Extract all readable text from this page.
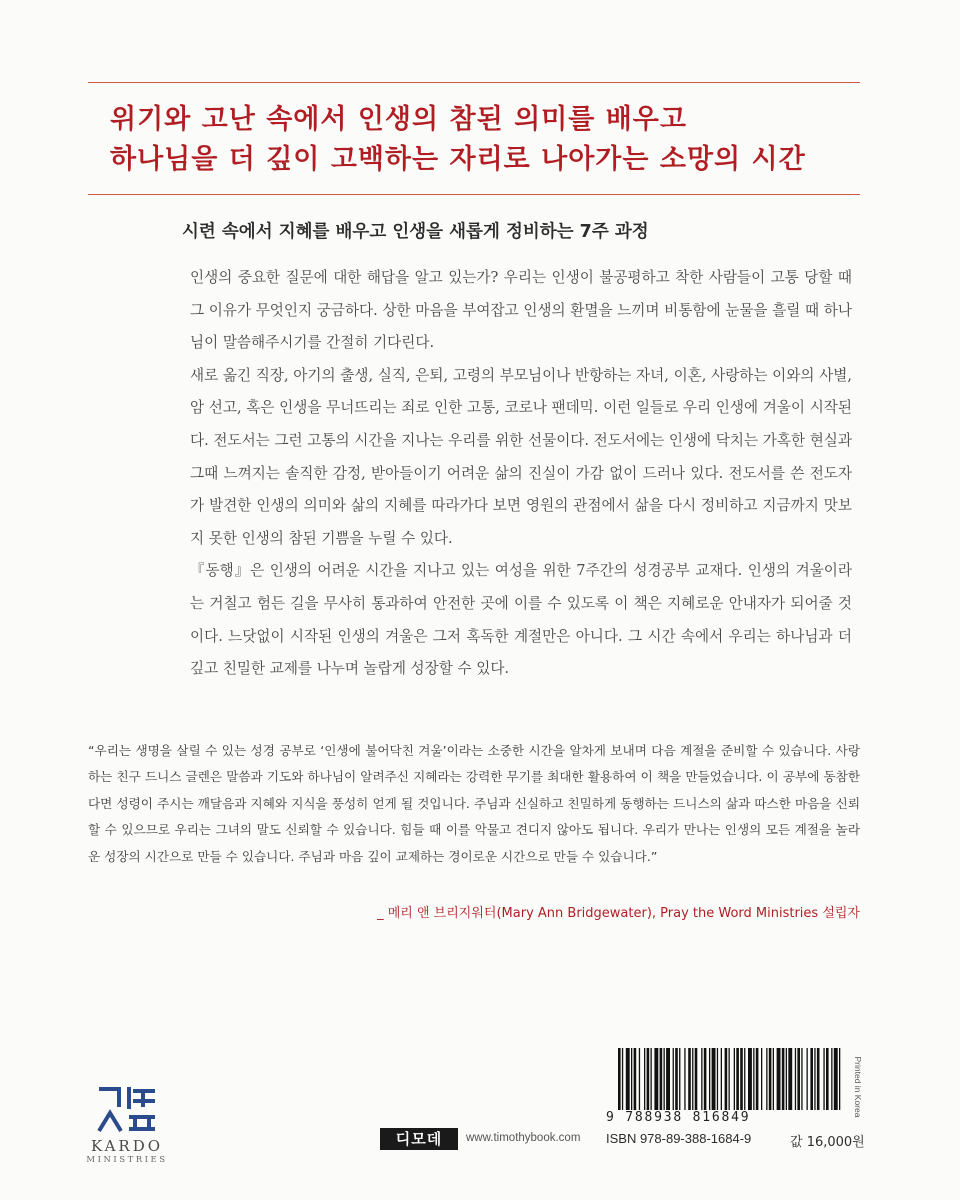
위기와 고난 속에서 인생의 참된 의미를 배우고
하나님을 더 깊이 고백하는 자리로 나아가는 소망의 시간
시련 속에서 지혜를 배우고 인생을 새롭게 정비하는 7주 과정

인생의 중요한 질문에 대한 해답을 알고 있는가? 우리는 인생이 불공평하고 착한 사람들이 고통 당할 때 그 이유가 무엇인지 궁금하다. 상한 마음을 부여잡고 인생의 환멸을 느끼며 비통함에 눈물을 흘릴 때 하나님이 말씀해주시기를 간절히 기다린다.

새로 옮긴 직장, 아기의 출생, 실직, 은퇴, 고령의 부모님이나 반항하는 자녀, 이혼, 사랑하는 이와의 사별, 암 선고, 혹은 인생을 무너뜨리는 죄로 인한 고통, 코로나 팬데믹. 이런 일들로 우리 인생에 겨울이 시작된다. 전도서는 그런 고통의 시간을 지나는 우리를 위한 선물이다. 전도서에는 인생에 닥치는 가혹한 현실과 그때 느껴지는 솔직한 감정, 받아들이기 어려운 삶의 진실이 가감 없이 드러나 있다. 전도서를 쓴 전도자가 발견한 인생의 의미와 삶의 지혜를 따라가다 보면 영원의 관점에서 삶을 다시 정비하고 지금까지 맛보지 못한 인생의 참된 기쁨을 누릴 수 있다.

『동행』은 인생의 어려운 시간을 지나고 있는 여성을 위한 7주간의 성경공부 교재다. 인생의 겨울이라는 거칠고 험든 길을 무사히 통과하여 안전한 곳에 이를 수 있도록 이 책은 지혜로운 안내자가 되어줄 것이다. 느닷없이 시작된 인생의 겨울은 그저 혹독한 계절만은 아니다. 그 시간 속에서 우리는 하나님과 더 깊고 친밀한 교제를 나누며 놀랍게 성장할 수 있다.

“우리는 생명을 살릴 수 있는 성경 공부로 ‘인생에 불어닥친 겨울’이라는 소중한 시간을 알차게 보내며 다음 계절을 준비할 수 있습니다. 사랑하는 친구 드니스 글렌은 말씀과 기도와 하나님이 알려주신 지혜라는 강력한 무기를 최대한 활용하여 이 책을 만들었습니다. 이 공부에 동참한다면 성령이 주시는 깨달음과 지혜와 지식을 풍성히 얻게 될 것입니다. 주님과 신실하고 친밀하게 동행하는 드니스의 삶과 따스한 마음을 신뢰할 수 있으므로 우리는 그녀의 말도 신뢰할 수 있습니다. 힘들 때 이를 악물고 견디지 않아도 됩니다. 우리가 만나는 인생의 모든 계절을 놀라운 성장의 시간으로 만들 수 있습니다. 주님과 마음 깊이 교제하는 경이로운 시간으로 만들 수 있습니다.”
_ 메리 앤 브리지워터(Mary Ann Bridgewater), Pray the Word Ministries 설립자
KARDO
MINISTRIES
디모데	www.timothybook.com
9 788938 816849
Printed in Korea
ISBN 978-89-388-1684-9	값 16,000원
